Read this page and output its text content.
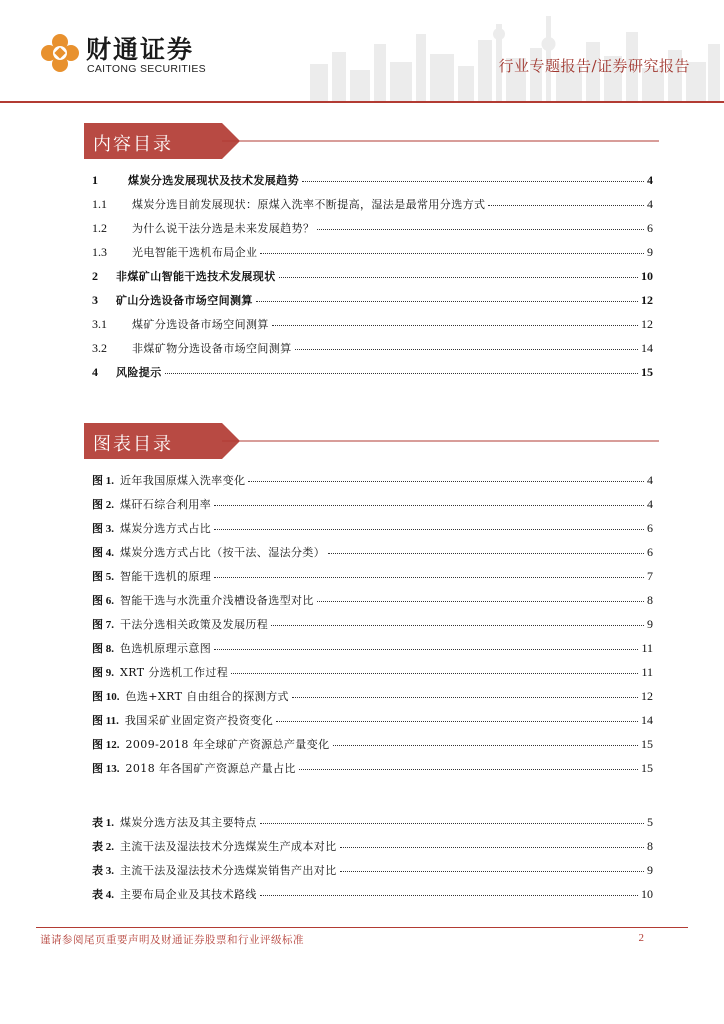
财通证券
CAITONG SECURITIES	行业专题报告/证券研究报告
内容目录
1	煤炭分选发展现状及技术发展趋势	4
1.1	煤炭分选目前发展现状：原煤入洗率不断提高，湿法是最常用分选方式	4
1.2	为什么说干法分选是未来发展趋势？	6
1.3	光电智能干选机布局企业	9
2	非煤矿山智能干选技术发展现状	10
3	矿山分选设备市场空间测算	12
3.1	煤矿分选设备市场空间测算	12
3.2	非煤矿物分选设备市场空间测算	14
4	风险提示	15
图表目录
图 1. 近年我国原煤入洗率变化	4
图 2. 煤矸石综合利用率	4
图 3. 煤炭分选方式占比	6
图 4. 煤炭分选方式占比（按干法、湿法分类）	6
图 5. 智能干选机的原理	7
图 6. 智能干选与水洗重介浅槽设备选型对比	8
图 7. 干法分选相关政策及发展历程	9
图 8. 色选机原理示意图	11
图 9. XRT 分选机工作过程	11
图 10. 色选+XRT 自由组合的探测方式	12
图 11. 我国采矿业固定资产投资变化	14
图 12. 2009-2018 年全球矿产资源总产量变化	15
图 13. 2018 年各国矿产资源总产量占比	15
表 1. 煤炭分选方法及其主要特点	5
表 2. 主流干法及湿法技术分选煤炭生产成本对比	8
表 3. 主流干法及湿法技术分选煤炭销售产出对比	9
表 4. 主要布局企业及其技术路线	10
谨请参阅尾页重要声明及财通证券股票和行业评级标准	2
